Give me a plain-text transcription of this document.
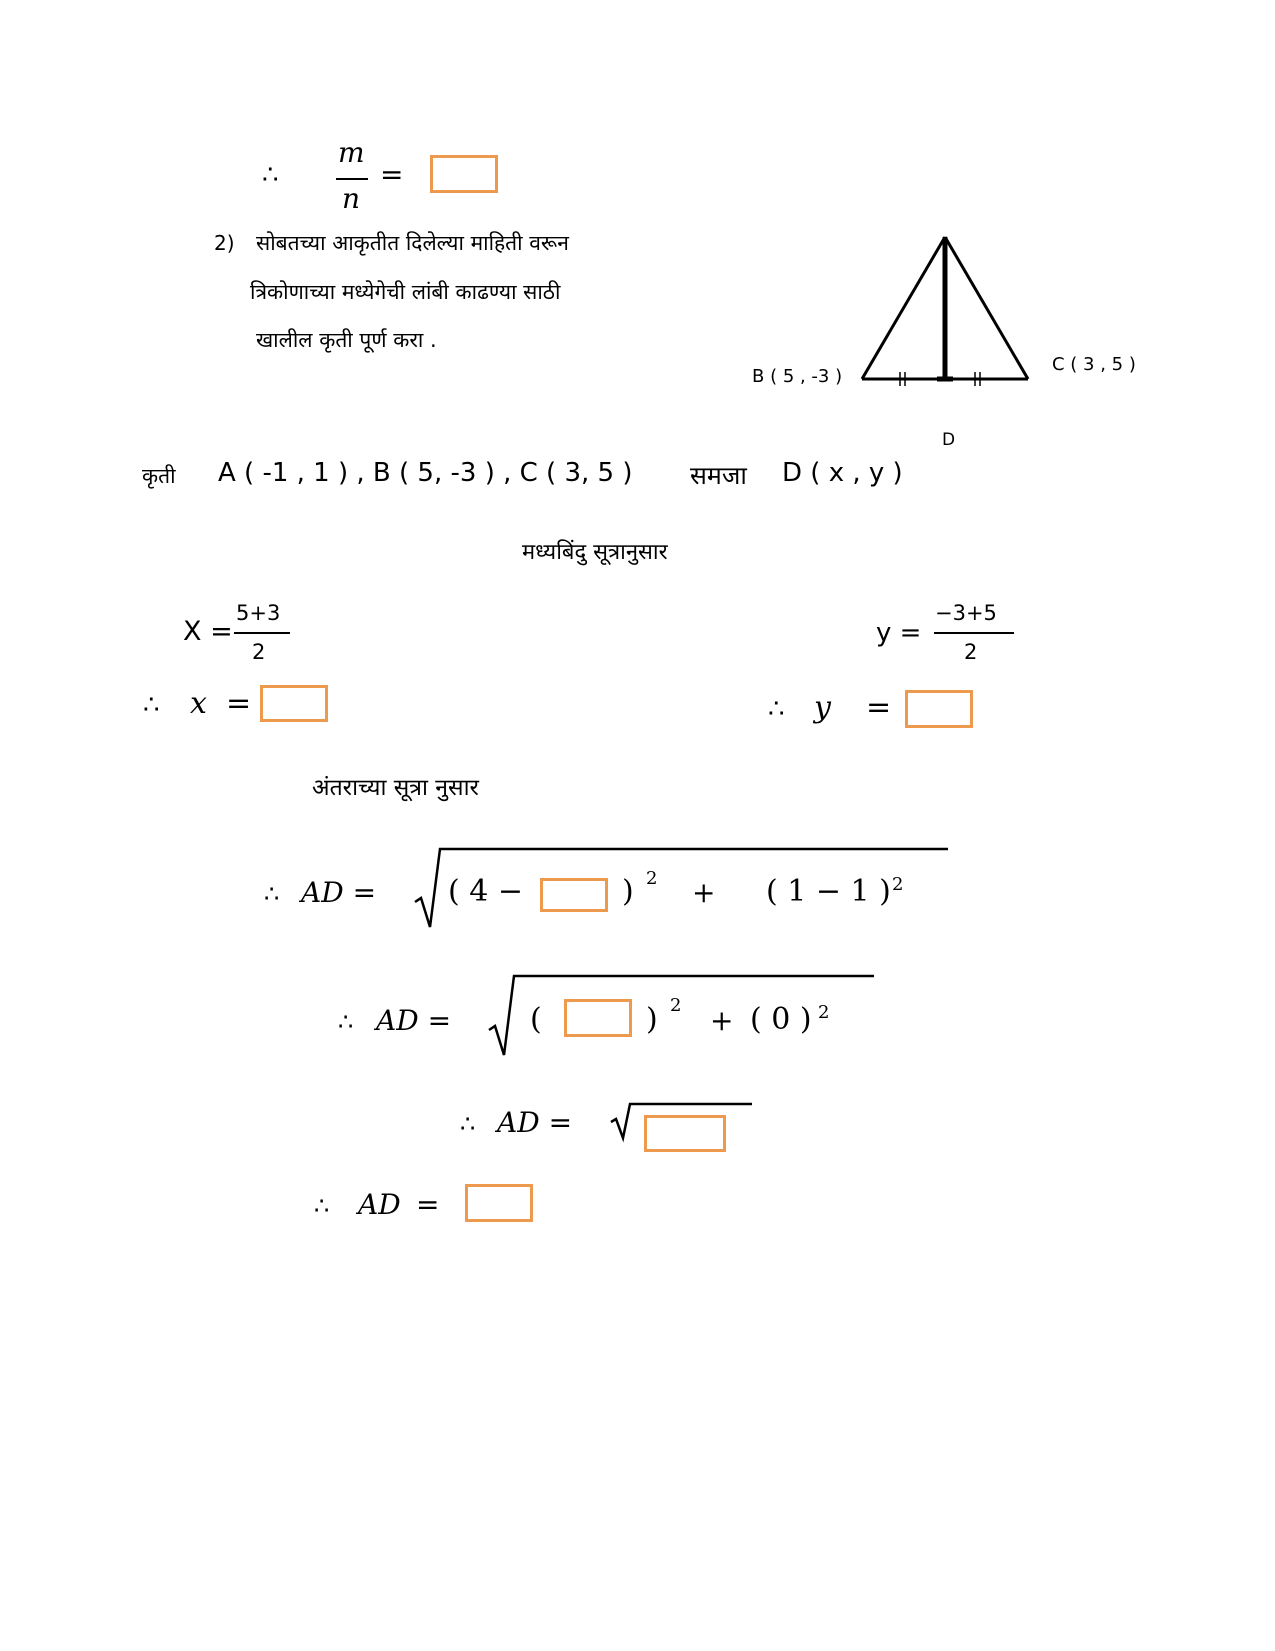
∴
m
n
=
2) सोबतच्या आकृतीत दिलेल्या माहिती वरून
त्रिकोणाच्या मध्येगेची लांबी काढण्या साठी
खालील कृती पूर्ण करा .
B ( 5 , -3 )
C ( 3 , 5 )
D
कृती A ( -1 , 1 ) , B ( 5, -3 ) , C ( 3, 5 ) समजा D ( x , y )
मध्यबिंदु सूत्रानुसार
X =
5+3
2
y =
−3+5
2
∴ x =	∴ y =
अंतराच्या सूत्रा नुसार
∴ AD = ( 4 −	) 2 + ( 1 − 1 ) 2
∴ AD =	(	) 2 + ( 0 ) 2
∴ AD =
∴ AD =
